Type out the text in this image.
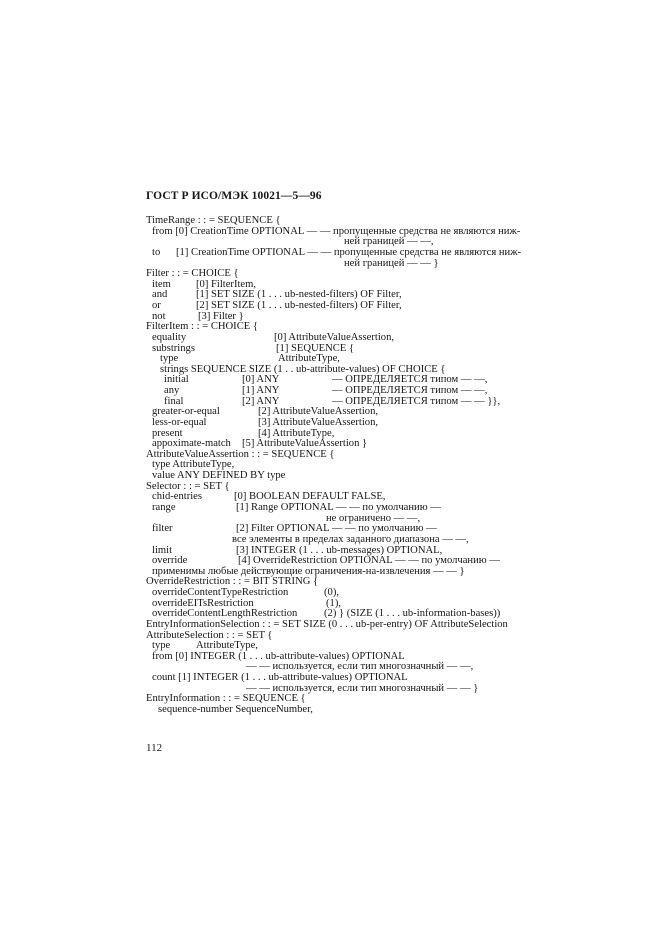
ГОСТ Р ИСО/МЭК 10021—5—96
TimeRange : : = SEQUENCE {
from [0] CreationTime OPTIONAL — — пропущенные средства не являются ниж-
ней границей — —,
to [1] CreationTime OPTIONAL — — пропущенные средства не являются ниж-
ней границей — — }
Filter : : = CHOICE {
item [0] FilterItem,
and	[1] SET SIZE (1 . . . ub-nested-filters) OF Filter,
or	[2] SET SIZE (1 . . . ub-nested-filters) OF Filter,
not	[3] Filter }
FilterItem : : = CHOICE {
equality	[0] AttributeValueAssertion,
substrings	[1] SEQUENCE {
type	AttributeType,
strings SEQUENCE SIZE (1 . . ub-attribute-values) OF CHOICE {
initial	[0] ANY	— ОПРЕДЕЛЯЕТСЯ типом — —,
any	[1] ANY	— ОПРЕДЕЛЯЕТСЯ типом — —,
final	[2] ANY	— ОПРЕДЕЛЯЕТСЯ типом — — }},
greater-or-equal	[2] AttributeValueAssertion,
less-or-equal	[3] AttributeValueAssertion,
present	[4] AttributeType,
appoximate-match [5] AttributeValueAssertion }
AttributeValueAssertion : : = SEQUENCE {
type AttributeType,
value ANY DEFINED BY type
Selector : : = SET {
chid-entries	[0] BOOLEAN DEFAULT FALSE,
range	[1] Range OPTIONAL — — по умолчанию —
не ограничено — —,
filter	[2] Filter OPTIONAL — — по умолчанию —
все элементы в пределах заданного диапазона — —,
limit	[3] INTEGER (1 . . . ub-messages) OPTIONAL,
override	[4] OverrideRestriction OPTIONAL — — по умолчанию —
применимы любые действующие ограничения-на-извлечения — — }
OverrideRestriction : : = BIT STRING {
overrideContentTypeRestriction	(0),
overrideEITsRestriction	(1),
overrideContentLengthRestriction	(2) } (SIZE (1 . . . ub-information-bases))
EntryInformationSelection : : = SET SIZE (0 . . . ub-per-entry) OF AttributeSelection
AttributeSelection : : = SET {
type AttributeType,
from [0] INTEGER (1 . . . ub-attribute-values) OPTIONAL
— — используется, если тип многозначный — —,
count [1] INTEGER (1 . . . ub-attribute-values) OPTIONAL
— — используется, если тип многозначный — — }
EntryInformation : : = SEQUENCE {
sequence-number SequenceNumber,
112
